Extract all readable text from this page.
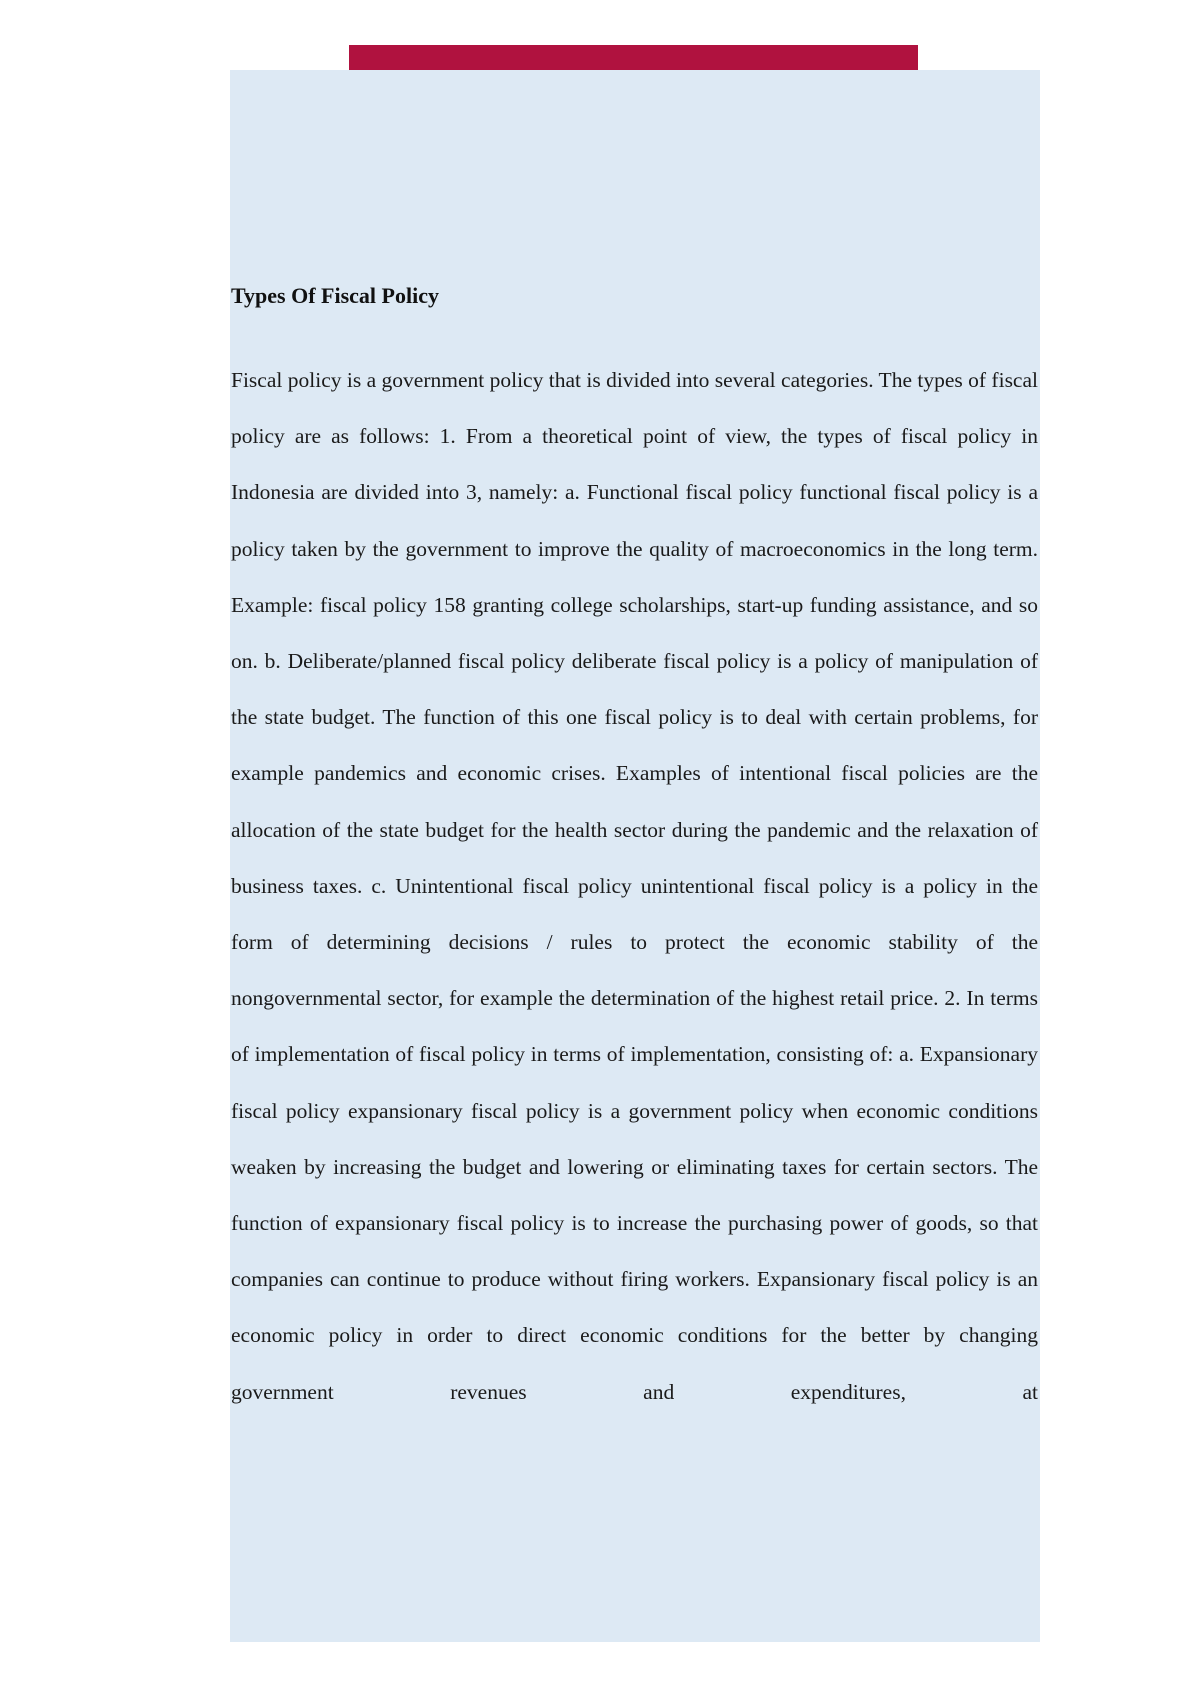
Types Of Fiscal Policy

Fiscal policy is a government policy that is divided into several categories. The types of fiscal policy are as follows: 1. From a theoretical point of view, the types of fiscal policy in Indonesia are divided into 3, namely: a. Functional fiscal policy functional fiscal policy is a policy taken by the government to improve the quality of macroeconomics in the long term. Example: fiscal policy 158 granting college scholarships, start-up funding assistance, and so on. b. Deliberate/planned fiscal policy deliberate fiscal policy is a policy of manipulation of the state budget. The function of this one fiscal policy is to deal with certain problems, for example pandemics and economic crises. Examples of intentional fiscal policies are the allocation of the state budget for the health sector during the pandemic and the relaxation of business taxes. c. Unintentional fiscal policy unintentional fiscal policy is a policy in the form of determining decisions / rules to protect the economic stability of the nongovernmental sector, for example the determination of the highest retail price. 2. In terms of implementation of fiscal policy in terms of implementation, consisting of: a. Expansionary fiscal policy expansionary fiscal policy is a government policy when economic conditions weaken by increasing the budget and lowering or eliminating taxes for certain sectors. The function of expansionary fiscal policy is to increase the purchasing power of goods, so that companies can continue to produce without firing workers. Expansionary fiscal policy is an economic policy in order to direct economic conditions for the better by changing government revenues and expenditures, at
